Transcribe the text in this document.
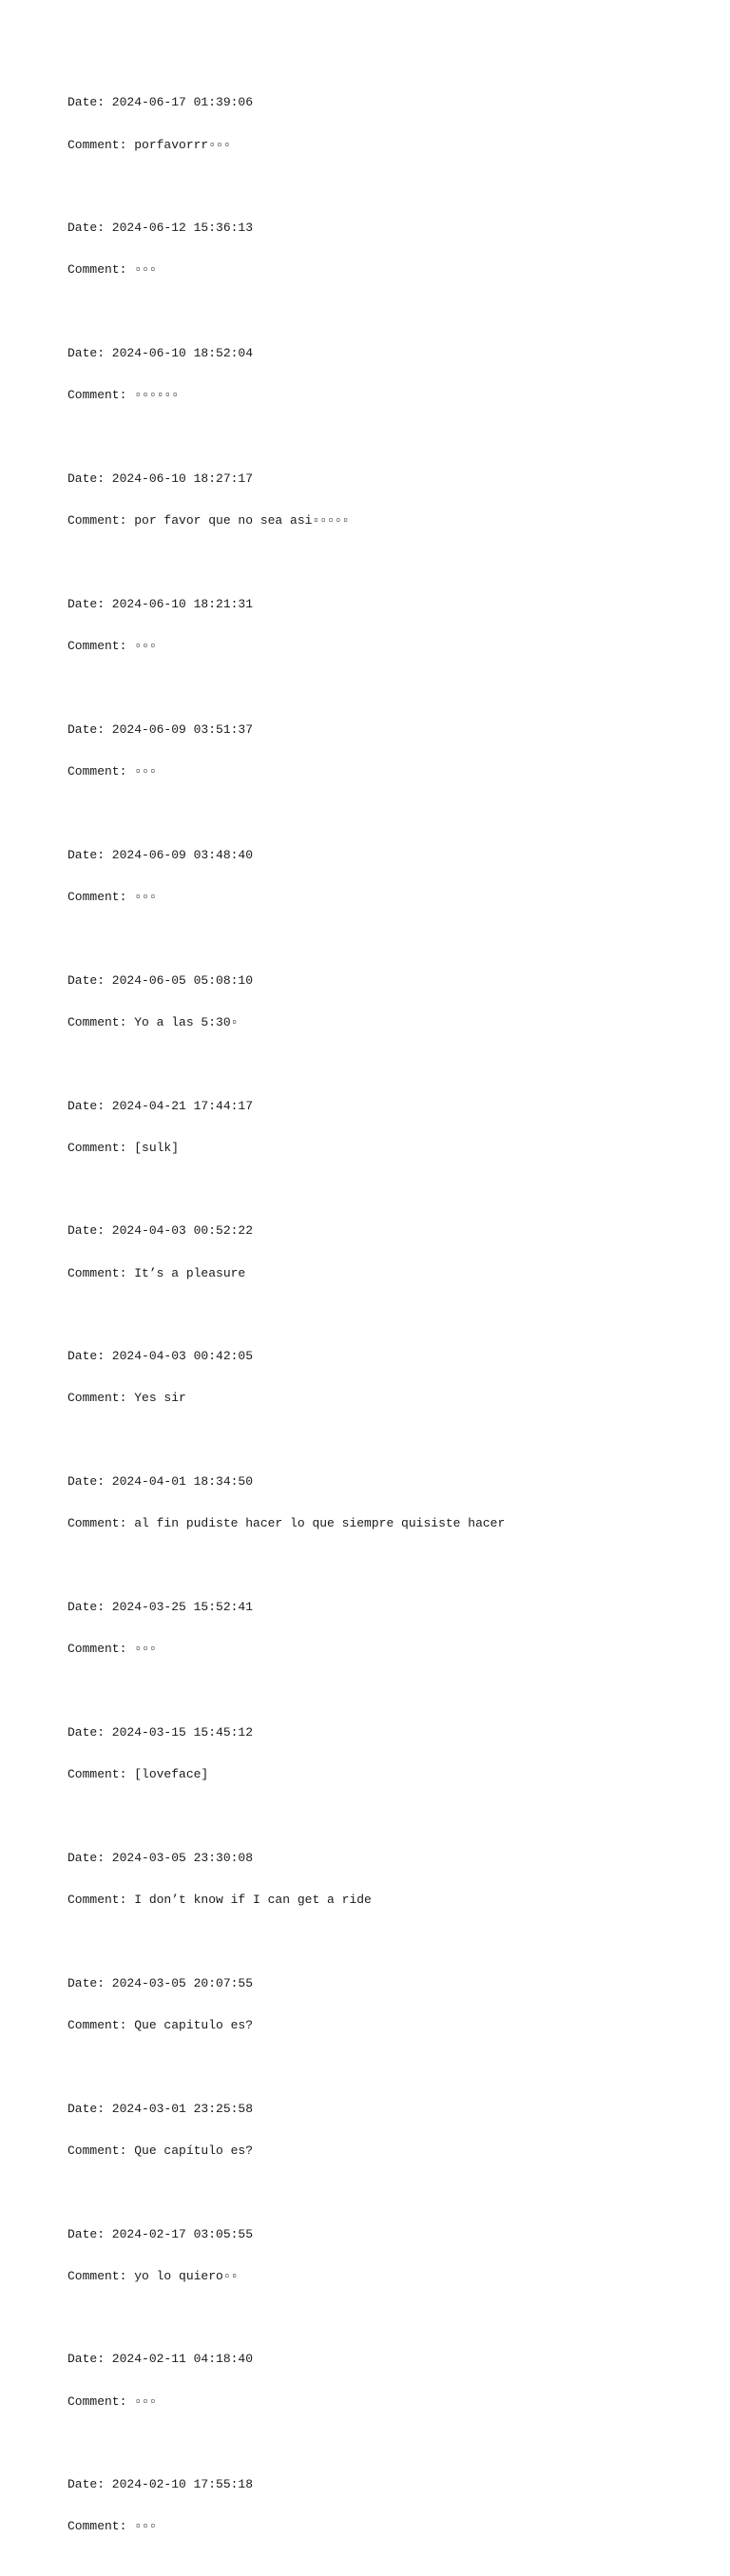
Date: 2024-06-17 01:39:06

Comment: porfavorrr▫▫▫

Date: 2024-06-12 15:36:13

Comment: ▫▫▫

Date: 2024-06-10 18:52:04

Comment: ▫▫▫▫▫▫

Date: 2024-06-10 18:27:17

Comment: por favor que no sea asi▫▫▫▫▫

Date: 2024-06-10 18:21:31

Comment: ▫▫▫

Date: 2024-06-09 03:51:37

Comment: ▫▫▫

Date: 2024-06-09 03:48:40

Comment: ▫▫▫

Date: 2024-06-05 05:08:10

Comment: Yo a las 5:30▫

Date: 2024-04-21 17:44:17

Comment: [sulk]

Date: 2024-04-03 00:52:22

Comment: It’s a pleasure

Date: 2024-04-03 00:42:05

Comment: Yes sir

Date: 2024-04-01 18:34:50

Comment: al fin pudiste hacer lo que siempre quisiste hacer

Date: 2024-03-25 15:52:41

Comment: ▫▫▫

Date: 2024-03-15 15:45:12

Comment: [loveface]

Date: 2024-03-05 23:30:08

Comment: I don’t know if I can get a ride

Date: 2024-03-05 20:07:55

Comment: Que capitulo es?

Date: 2024-03-01 23:25:58

Comment: Que capítulo es?

Date: 2024-02-17 03:05:55

Comment: yo lo quiero▫▫

Date: 2024-02-11 04:18:40

Comment: ▫▫▫

Date: 2024-02-10 17:55:18

Comment: ▫▫▫
